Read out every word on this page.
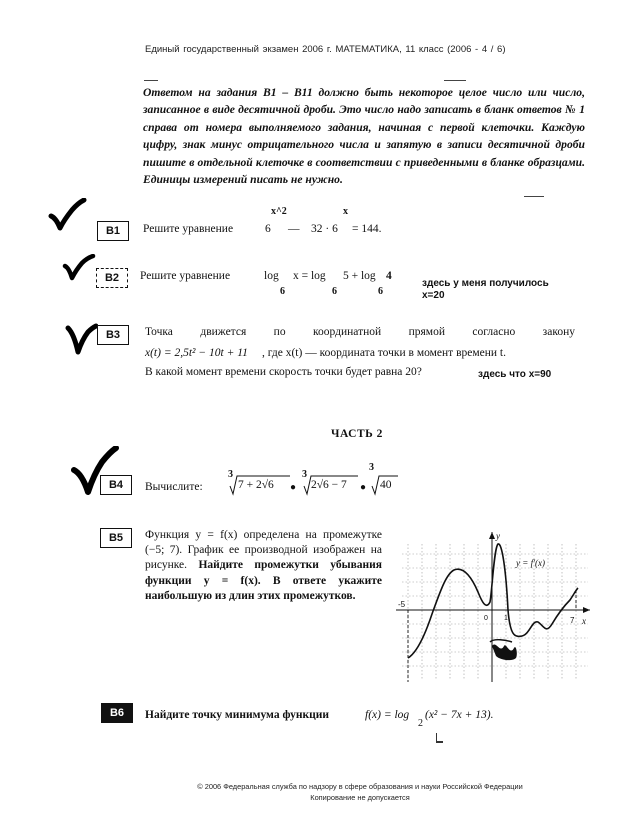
Единый государственный экзамен 2006 г. МАТЕМАТИКА, 11 класс (2006 - 4 / 6)
Ответом на задания В1 – В11 должно быть некоторое целое число или число, записанное в виде десятичной дроби. Это число надо записать в бланк ответов № 1 справа от номера выполняемого задания, начиная с первой клеточки. Каждую цифру, знак минус отрицательного числа и запятую в записи десятичной дроби пишите в отдельной клеточке в соответствии с приведенными в бланке образцами. Единицы измерений писать не нужно.
В1	Решите уравнение	6
x^2
— 32 · 6
x
= 144.
В2	Решите уравнение	log
6
x = log
6
5 + log
6
4
здесь у меня получилось
x=20
В3	Точка движется по координатной прямой согласно закону
x(t) = 2,5t² − 10t + 11 , где x(t) — координата точки в момент времени t.
В какой момент времени скорость точки будет равна 20?	здесь что x=90
ЧАСТЬ 2
В4	Вычислите:
3
7 + 2√6 ●
3
2√6 − 7 ●
3
40
В5	Функция y = f(x) определена на промежутке (−5; 7). График ее производной изображен на рисунке. Найдите промежутки убывания функции y = f(x). В ответе укажите наибольшую из длин этих промежутков.
y = f′(x)
y
x
-5
7
0 1
В6	Найдите точку минимума функции	f(x) = log
2
(x² − 7x + 13).
© 2006 Федеральная служба по надзору в сфере образования и науки Российской Федерации
Копирование не допускается
